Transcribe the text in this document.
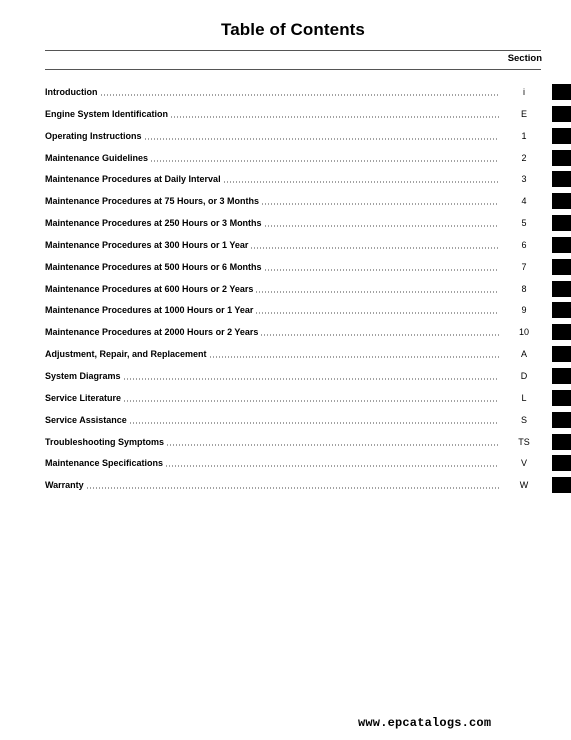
Table of Contents
Section
Introduction	i
Engine System Identification	E
Operating Instructions	1
Maintenance Guidelines	2
Maintenance Procedures at Daily Interval	3
Maintenance Procedures at 75 Hours, or 3 Months	4
Maintenance Procedures at 250 Hours or 3 Months	5
Maintenance Procedures at 300 Hours or 1 Year	6
Maintenance Procedures at 500 Hours or 6 Months	7
Maintenance Procedures at 600 Hours or 2 Years	8
Maintenance Procedures at 1000 Hours or 1 Year	9
Maintenance Procedures at 2000 Hours or 2 Years	10
Adjustment, Repair, and Replacement	A
System Diagrams	D
Service Literature	L
Service Assistance	S
Troubleshooting Symptoms	TS
Maintenance Specifications	V
Warranty	W
www.epcatalogs.com
